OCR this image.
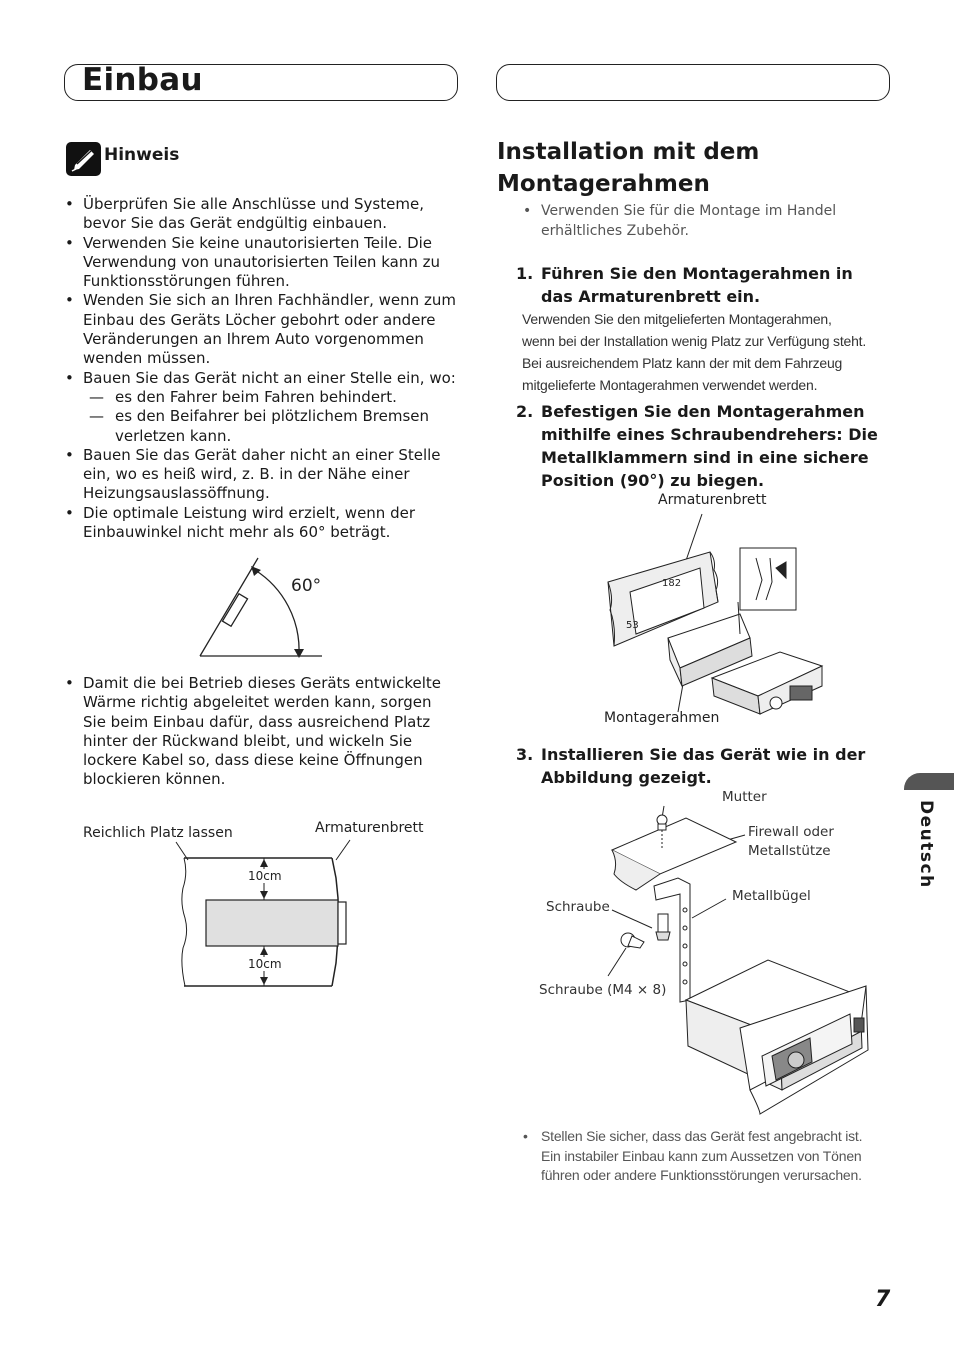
Einbau
Hinweis
• Überprüfen Sie alle Anschlüsse und Systeme, bevor Sie das Gerät endgültig einbauen.
• Verwenden Sie keine unautorisierten Teile. Die Verwendung von unautorisierten Teilen kann zu Funktionsstörungen führen.
• Wenden Sie sich an Ihren Fachhändler, wenn zum Einbau des Geräts Löcher gebohrt oder andere Veränderungen an Ihrem Auto vorgenommen wenden müssen.
• Bauen Sie das Gerät nicht an einer Stelle ein, wo:
— es den Fahrer beim Fahren behindert.
— es den Beifahrer bei plötzlichem Bremsen verletzen kann.
• Bauen Sie das Gerät daher nicht an einer Stelle ein, wo es heiß wird, z. B. in der Nähe einer Heizungsauslassöffnung.
• Die optimale Leistung wird erzielt, wenn der Einbauwinkel nicht mehr als 60° beträgt.
60°
• Damit die bei Betrieb dieses Geräts entwickelte Wärme richtig abgeleitet werden kann, sorgen Sie beim Einbau dafür, dass ausreichend Platz hinter der Rückwand bleibt, und wickeln Sie lockere Kabel so, dass diese keine Öffnungen blockieren können.
Reichlich Platz lassen	Armaturenbrett
10cm
10cm
Installation mit dem
Montagerahmen
• Verwenden Sie für die Montage im Handel erhältliches Zubehör.
1. Führen Sie den Montagerahmen in
das Armaturenbrett ein.
Verwenden Sie den mitgelieferten Montagerahmen,
wenn bei der Installation wenig Platz zur Verfügung steht.
Bei ausreichendem Platz kann der mit dem Fahrzeug
mitgelieferte Montagerahmen verwendet werden.
2. Befestigen Sie den Montagerahmen
mithilfe eines Schraubendrehers: Die
Metallklammern sind in eine sichere
Position (90°) zu biegen.
Armaturenbrett
Montagerahmen
182
53
3. Installieren Sie das Gerät wie in der
Abbildung gezeigt.
Mutter
Firewall oder
Metallstütze
Schraube
Metallbügel
Schraube (M4 × 8)
• Stellen Sie sicher, dass das Gerät fest angebracht ist.
Ein instabiler Einbau kann zum Aussetzen von Tönen
führen oder andere Funktionsstörungen verursachen.
Deutsch
7
